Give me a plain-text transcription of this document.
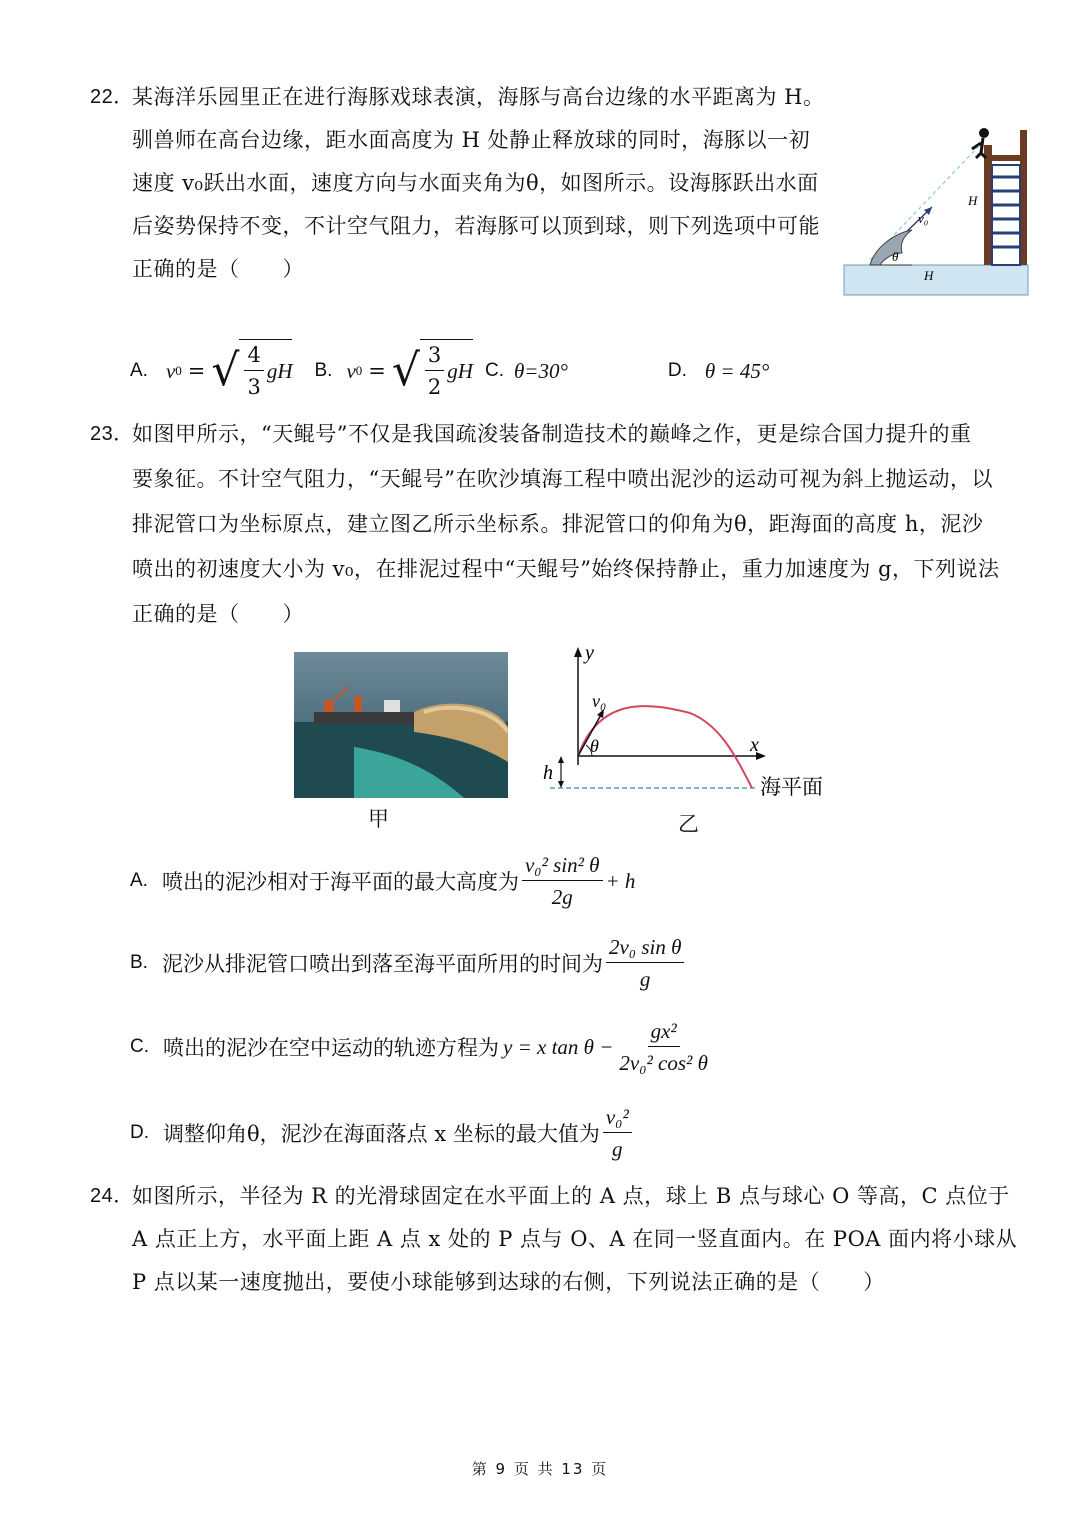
22．
某海洋乐园里正在进行海豚戏球表演，海豚与高台边缘的水平距离为 H。
驯兽师在高台边缘，距水面高度为 H 处静止释放球的同时，海豚以一初
速度 v₀跃出水面，速度方向与水面夹角为θ，如图所示。设海豚跃出水面
后姿势保持不变，不计空气阻力，若海豚可以顶到球，则下列选项中可能
正确的是（　　）
θ
v₀
H
H
A. v 0 = √ $\frac{4}{3}$ gH B. v 0 = √ $\frac{3}{2}$ gH C. θ=30°	D. θ = 45°
23．
如图甲所示，“天鲲号”不仅是我国疏浚装备制造技术的巅峰之作，更是综合国力提升的重
要象征。不计空气阻力，“天鲲号”在吹沙填海工程中喷出泥沙的运动可视为斜上抛运动，以
排泥管口为坐标原点，建立图乙所示坐标系。排泥管口的仰角为θ，距海面的高度 h，泥沙
喷出的初速度大小为 v₀，在排泥过程中“天鲲号”始终保持静止，重力加速度为 g，下列说法
正确的是（　　）
甲
y
x
v₀
θ
h
海平面
乙
A. 喷出的泥沙相对于海平面的最大高度为 $\frac{\text{v₀² sin² θ}}{2g} + h$
B. 泥沙从排泥管口喷出到落至海平面所用的时间为 $\frac{\text{2v₀ sin θ}}{g}$
C. 喷出的泥沙在空中运动的轨迹方程为 y = x $\tan \theta - \frac{\text{gx²}}{\text{2v₀² cos² θ}}$
D. 调整仰角θ，泥沙在海面落点 x 坐标的最大值为 $\frac{\text{v₀²}}{g}$
24．
如图所示，半径为 R 的光滑球固定在水平面上的 A 点，球上 B 点与球心 O 等高，C 点位于
A 点正上方，水平面上距 A 点 x 处的 P 点与 O、A 在同一竖直面内。在 POA 面内将小球从
P 点以某一速度抛出，要使小球能够到达球的右侧，下列说法正确的是（　　）
第 9 页 共 13 页
